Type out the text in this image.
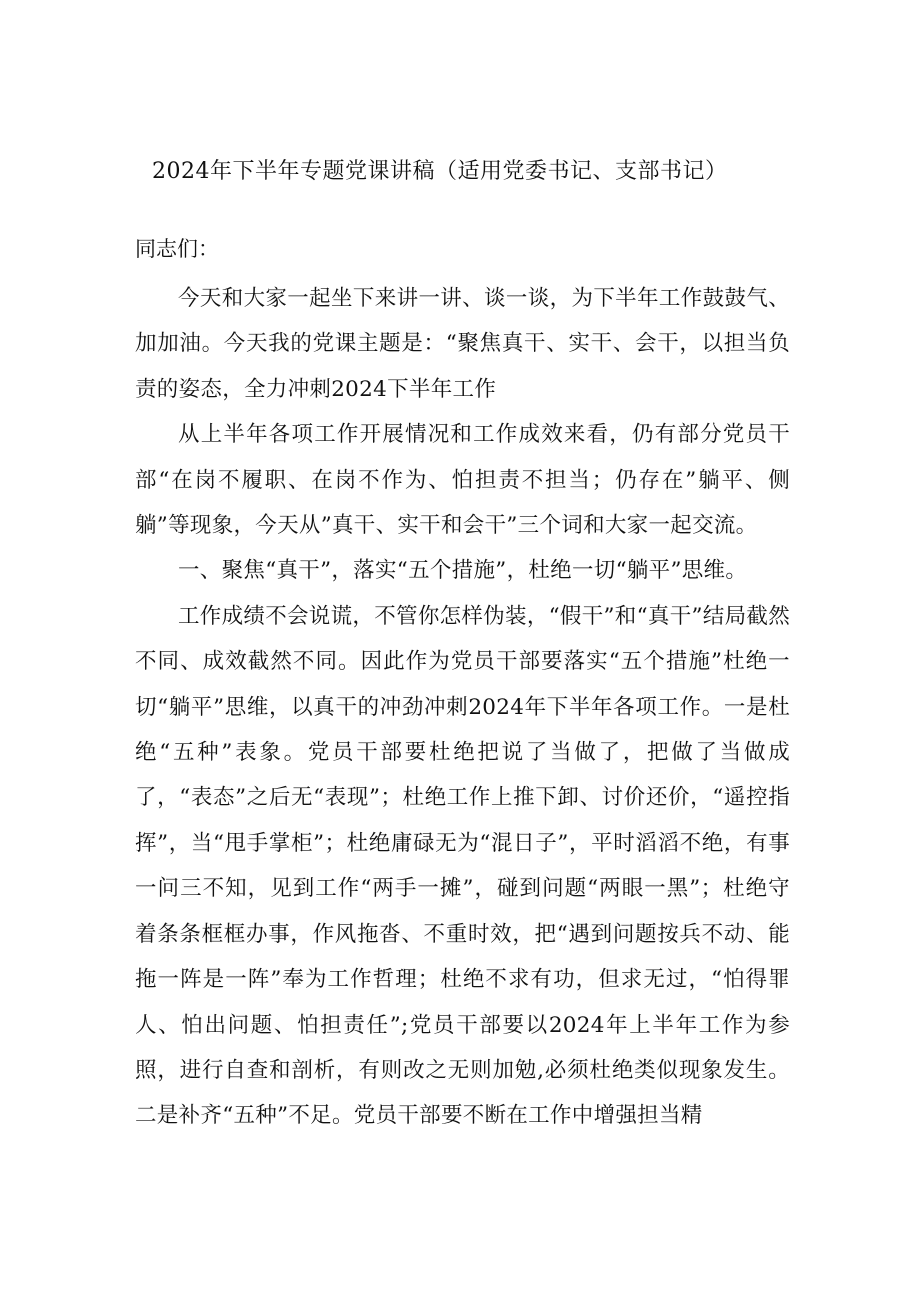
2024年下半年专题党课讲稿（适用党委书记、支部书记）
同志们：

今天和大家一起坐下来讲一讲、谈一谈，为下半年工作鼓鼓气、加加油。今天我的党课主题是：“聚焦真干、实干、会干，以担当负责的姿态，全力冲刺2024下半年工作

从上半年各项工作开展情况和工作成效来看，仍有部分党员干部“在岗不履职、在岗不作为、怕担责不担当；仍存在”躺平、侧躺”等现象，今天从”真干、实干和会干”三个词和大家一起交流。

一、聚焦“真干”，落实“五个措施”，杜绝一切“躺平”思维。

工作成绩不会说谎，不管你怎样伪装，“假干”和“真干”结局截然不同、成效截然不同。因此作为党员干部要落实“五个措施”杜绝一切“躺平”思维，以真干的冲劲冲刺2024年下半年各项工作。一是杜绝“五种”表象。党员干部要杜绝把说了当做了，把做了当做成了，“表态”之后无“表现”；杜绝工作上推下卸、讨价还价，“遥控指挥”，当“甩手掌柜”；杜绝庸碌无为“混日子”，平时滔滔不绝，有事一问三不知，见到工作“两手一摊”，碰到问题“两眼一黑”；杜绝守着条条框框办事，作风拖沓、不重时效，把“遇到问题按兵不动、能拖一阵是一阵”奉为工作哲理；杜绝不求有功，但求无过，“怕得罪人、怕出问题、怕担责任”;党员干部要以2024年上半年工作为参照，进行自查和剖析，有则改之无则加勉,必须杜绝类似现象发生。二是补齐“五种”不足。党员干部要不断在工作中增强担当精
